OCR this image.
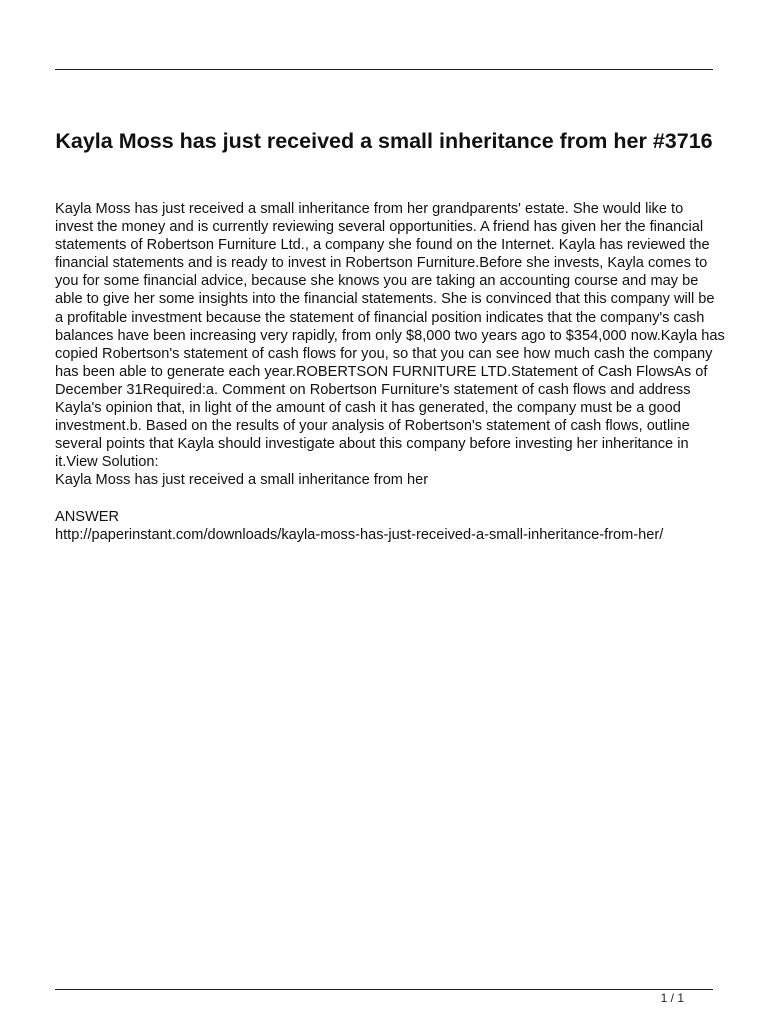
Kayla Moss has just received a small inheritance from her #3716

Kayla Moss has just received a small inheritance from her grandparents' estate. She would like to invest the money and is currently reviewing several opportunities. A friend has given her the financial statements of Robertson Furniture Ltd., a company she found on the Internet. Kayla has reviewed the financial statements and is ready to invest in Robertson Furniture.Before she invests, Kayla comes to you for some financial advice, because she knows you are taking an accounting course and may be able to give her some insights into the financial statements. She is convinced that this company will be a profitable investment because the statement of financial position indicates that the company's cash balances have been increasing very rapidly, from only $8,000 two years ago to $354,000 now.Kayla has copied Robertson's statement of cash flows for you, so that you can see how much cash the company has been able to generate each year.ROBERTSON FURNITURE LTD.Statement of Cash FlowsAs of December 31Required:a. Comment on Robertson Furniture's statement of cash flows and address Kayla's opinion that, in light of the amount of cash it has generated, the company must be a good investment.b. Based on the results of your analysis of Robertson's statement of cash flows, outline several points that Kayla should investigate about this company before investing her inheritance in it.View Solution:

Kayla Moss has just received a small inheritance from her

ANSWER

http://paperinstant.com/downloads/kayla-moss-has-just-received-a-small-inheritance-from-her/

1 / 1
